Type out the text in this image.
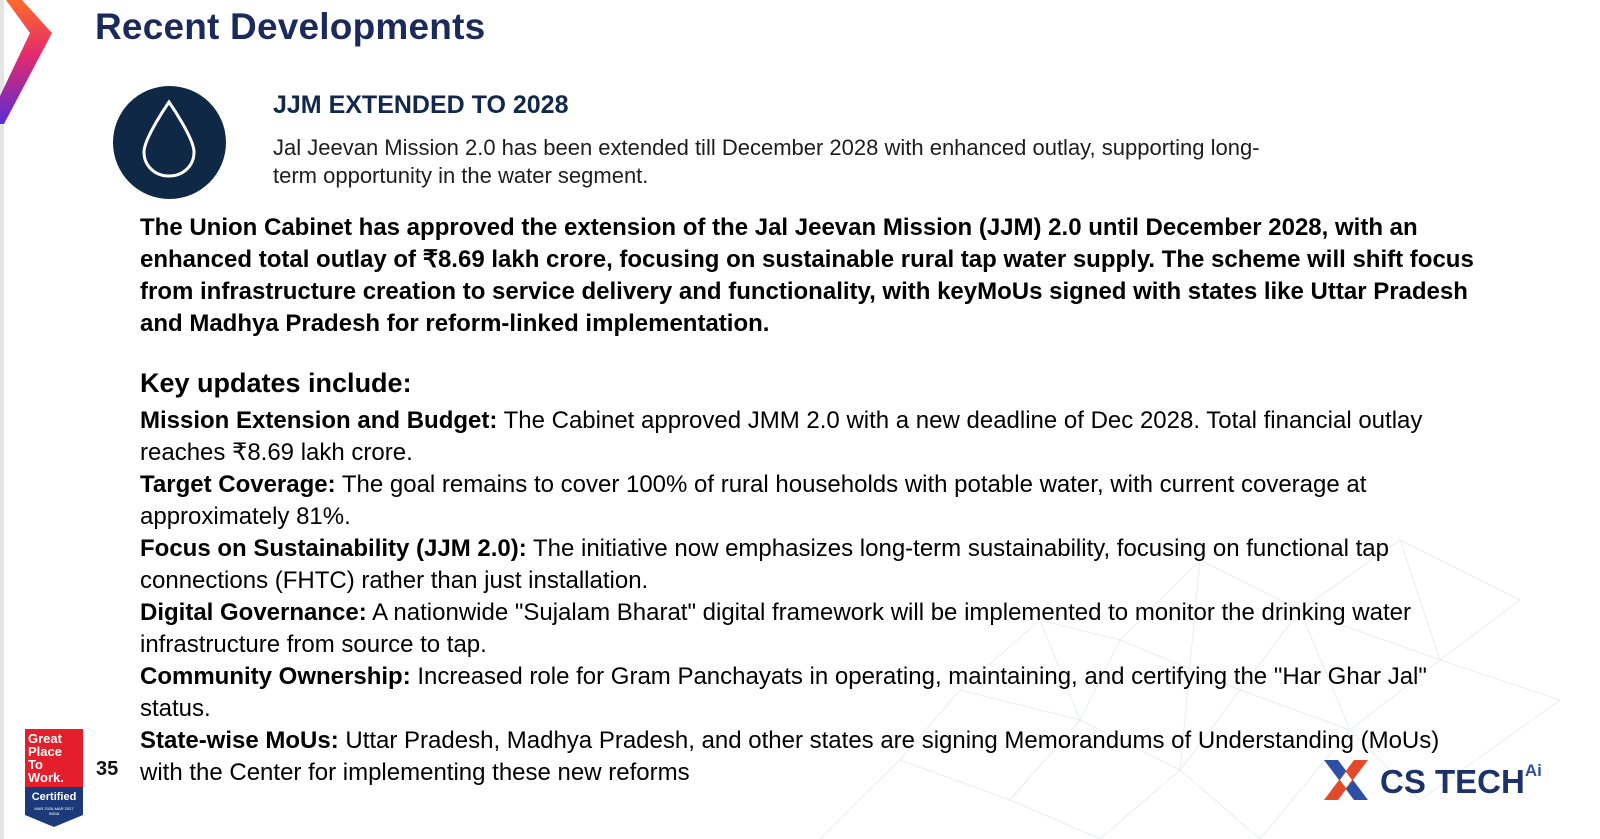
Recent Developments
JJM EXTENDED TO 2028

Jal Jeevan Mission 2.0 has been extended till December 2028 with enhanced outlay, supporting long-term opportunity in the water segment.

The Union Cabinet has approved the extension of the Jal Jeevan Mission (JJM) 2.0 until December 2028, with an enhanced total outlay of ₹8.69 lakh crore, focusing on sustainable rural tap water supply. The scheme will shift focus from infrastructure creation to service delivery and functionality, with keyMoUs signed with states like Uttar Pradesh and Madhya Pradesh for reform-linked implementation.

Key updates include:
Mission Extension and Budget: The Cabinet approved JMM 2.0 with a new deadline of Dec 2028. Total financial outlay reaches ₹8.69 lakh crore.
Target Coverage: The goal remains to cover 100% of rural households with potable water, with current coverage at approximately 81%.
Focus on Sustainability (JJM 2.0): The initiative now emphasizes long-term sustainability, focusing on functional tap connections (FHTC) rather than just installation.
Digital Governance: A nationwide "Sujalam Bharat" digital framework will be implemented to monitor the drinking water infrastructure from source to tap.
Community Ownership: Increased role for Gram Panchayats in operating, maintaining, and certifying the "Har Ghar Jal" status.
State-wise MoUs: Uttar Pradesh, Madhya Pradesh, and other states are signing Memorandums of Understanding (MoUs) with the Center for implementing these new reforms
Great
Place
To
Work.
Certified
MAR 2026-MAR 2027
INDIA
35	CS $TECH^{Ai}$
